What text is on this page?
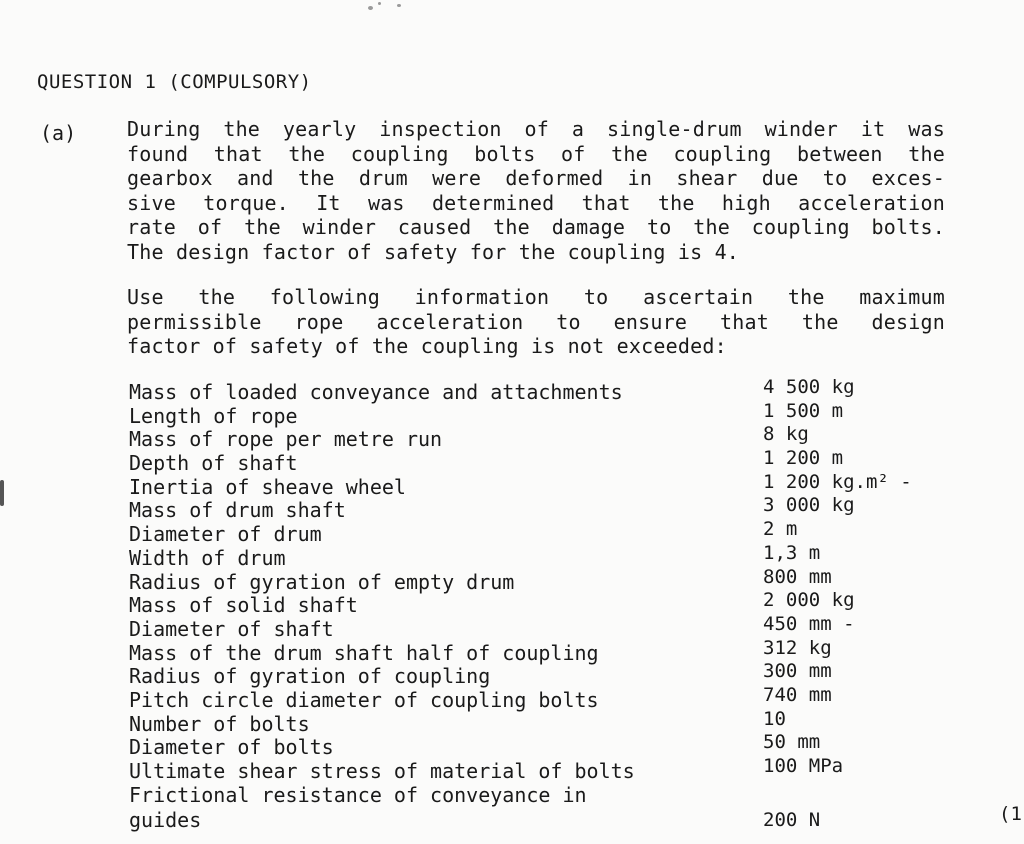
QUESTION 1 (COMPULSORY)
(a)	During the yearly inspection of a single-drum winder it was
found that the coupling bolts of the coupling between the
gearbox and the drum were deformed in shear due to exces-
sive torque. It was determined that the high acceleration
rate of the winder caused the damage to the coupling bolts.
The design factor of safety for the coupling is 4.
Use the following information to ascertain the maximum
permissible rope acceleration to ensure that the design
factor of safety of the coupling is not exceeded:
Mass of loaded conveyance and attachments	4 500 kg
Length of rope	1 500 m
Mass of rope per metre run	8 kg
Depth of shaft	1 200 m
Inertia of sheave wheel	1 200 kg.m² -
Mass of drum shaft	3 000 kg
Diameter of drum	2 m
Width of drum	1,3 m
Radius of gyration of empty drum	800 mm
Mass of solid shaft	2 000 kg
Diameter of shaft	450 mm -
Mass of the drum shaft half of coupling	312 kg
Radius of gyration of coupling	300 mm
Pitch circle diameter of coupling bolts	740 mm
Number of bolts	10
Diameter of bolts	50 mm
Ultimate shear stress of material of bolts	100 MPa
Frictional resistance of conveyance in
guides	200 N	(1
